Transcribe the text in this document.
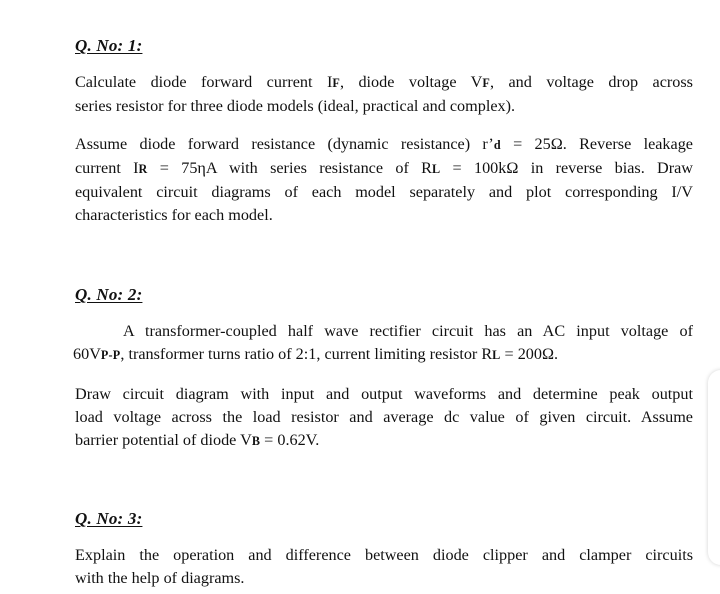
Q. No: 1:
Calculate diode forward current IF, diode voltage VF, and voltage drop across
series resistor for three diode models (ideal, practical and complex).
Assume diode forward resistance (dynamic resistance) r’d = 25Ω. Reverse leakage
current IR = 75ηA with series resistance of RL = 100kΩ in reverse bias. Draw
equivalent circuit diagrams of each model separately and plot corresponding I/V
characteristics for each model.
Q. No: 2:
A transformer-coupled half wave rectifier circuit has an AC input voltage of
60VP-P, transformer turns ratio of 2:1, current limiting resistor RL = 200Ω.
Draw circuit diagram with input and output waveforms and determine peak output
load voltage across the load resistor and average dc value of given circuit. Assume
barrier potential of diode VB = 0.62V.
Q. No: 3:
Explain the operation and difference between diode clipper and clamper circuits
with the help of diagrams.
